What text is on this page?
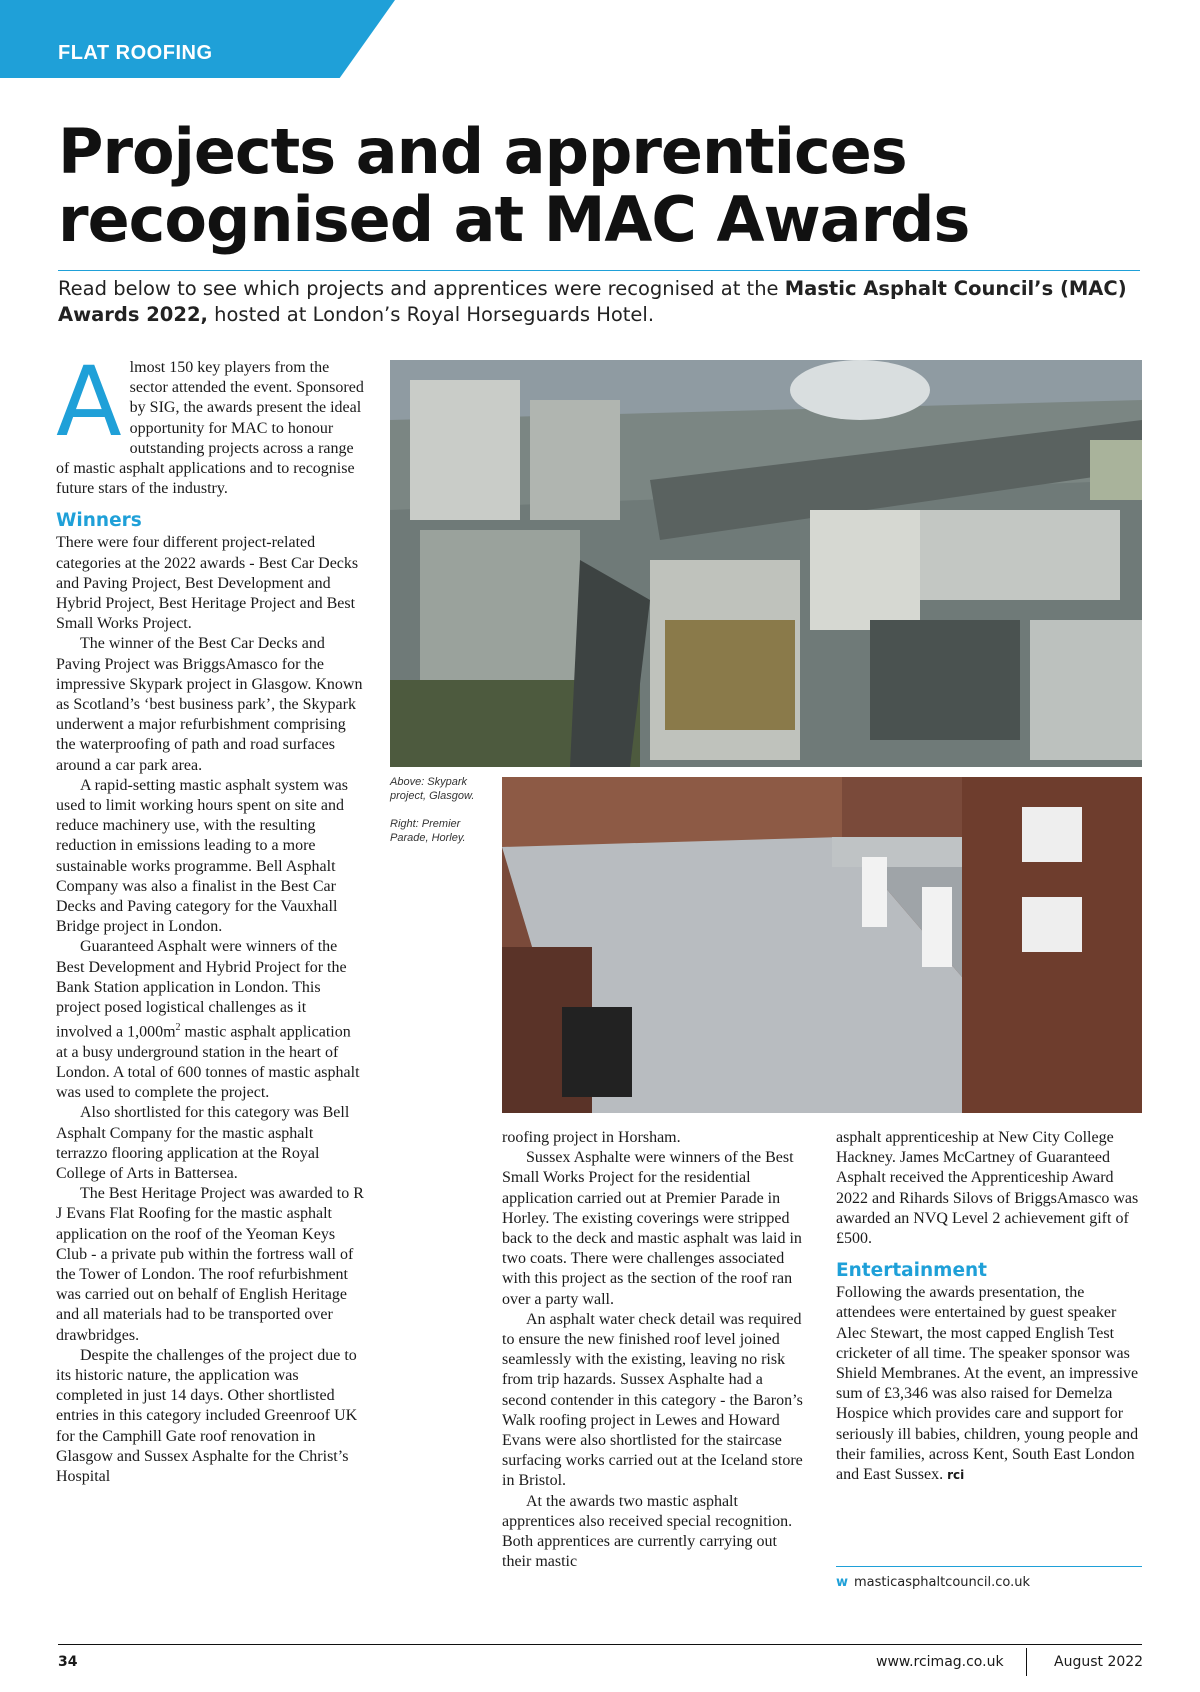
FLAT ROOFING
Projects and apprentices
recognised at MAC Awards

Read below to see which projects and apprentices were recognised at the Mastic Asphalt Council’s (MAC) Awards 2022, hosted at London’s Royal Horseguards Hotel.

A lmost 150 key players from the sector attended the event. Sponsored by SIG, the awards present the ideal opportunity for MAC to honour outstanding projects across a range of mastic asphalt applications and to recognise future stars of the industry.

Winners

There were four different project-related categories at the 2022 awards - Best Car Decks and Paving Project, Best Development and Hybrid Project, Best Heritage Project and Best Small Works Project.

The winner of the Best Car Decks and Paving Project was BriggsAmasco for the impressive Skypark project in Glasgow. Known as Scotland’s ‘best business park’, the Skypark underwent a major refurbishment comprising the waterproofing of path and road surfaces around a car park area.

A rapid-setting mastic asphalt system was used to limit working hours spent on site and reduce machinery use, with the resulting reduction in emissions leading to a more sustainable works programme. Bell Asphalt Company was also a finalist in the Best Car Decks and Paving category for the Vauxhall Bridge project in London.

Guaranteed Asphalt were winners of the Best Development and Hybrid Project for the Bank Station application in London. This project posed logistical challenges as it involved a $1,000m^2$ mastic asphalt application at a busy underground station in the heart of London. A total of 600 tonnes of mastic asphalt was used to complete the project.

Also shortlisted for this category was Bell Asphalt Company for the mastic asphalt terrazzo flooring application at the Royal College of Arts in Battersea.

The Best Heritage Project was awarded to R J Evans Flat Roofing for the mastic asphalt application on the roof of the Yeoman Keys Club - a private pub within the fortress wall of the Tower of London. The roof refurbishment was carried out on behalf of English Heritage and all materials had to be transported over drawbridges.

Despite the challenges of the project due to its historic nature, the application was completed in just 14 days. Other shortlisted entries in this category included Greenroof UK for the Camphill Gate roof renovation in Glasgow and Sussex Asphalte for the Christ’s Hospital

Above: Skypark project, Glasgow.

Right: Premier Parade, Horley.

roofing project in Horsham.

Sussex Asphalte were winners of the Best Small Works Project for the residential application carried out at Premier Parade in Horley. The existing coverings were stripped back to the deck and mastic asphalt was laid in two coats. There were challenges associated with this project as the section of the roof ran over a party wall.

An asphalt water check detail was required to ensure the new finished roof level joined seamlessly with the existing, leaving no risk from trip hazards. Sussex Asphalte had a second contender in this category - the Baron’s Walk roofing project in Lewes and Howard Evans were also shortlisted for the staircase surfacing works carried out at the Iceland store in Bristol.

At the awards two mastic asphalt apprentices also received special recognition. Both apprentices are currently carrying out their mastic

asphalt apprenticeship at New City College Hackney. James McCartney of Guaranteed Asphalt received the Apprenticeship Award 2022 and Rihards Silovs of BriggsAmasco was awarded an NVQ Level 2 achievement gift of £500.

Entertainment

Following the awards presentation, the attendees were entertained by guest speaker Alec Stewart, the most capped English Test cricketer of all time. The speaker sponsor was Shield Membranes. At the event, an impressive sum of £3,346 was also raised for Demelza Hospice which provides care and support for seriously ill babies, children, young people and their families, across Kent, South East London and East Sussex. rci

w masticasphaltcouncil.co.uk
34	www.rcimag.co.uk	August 2022
